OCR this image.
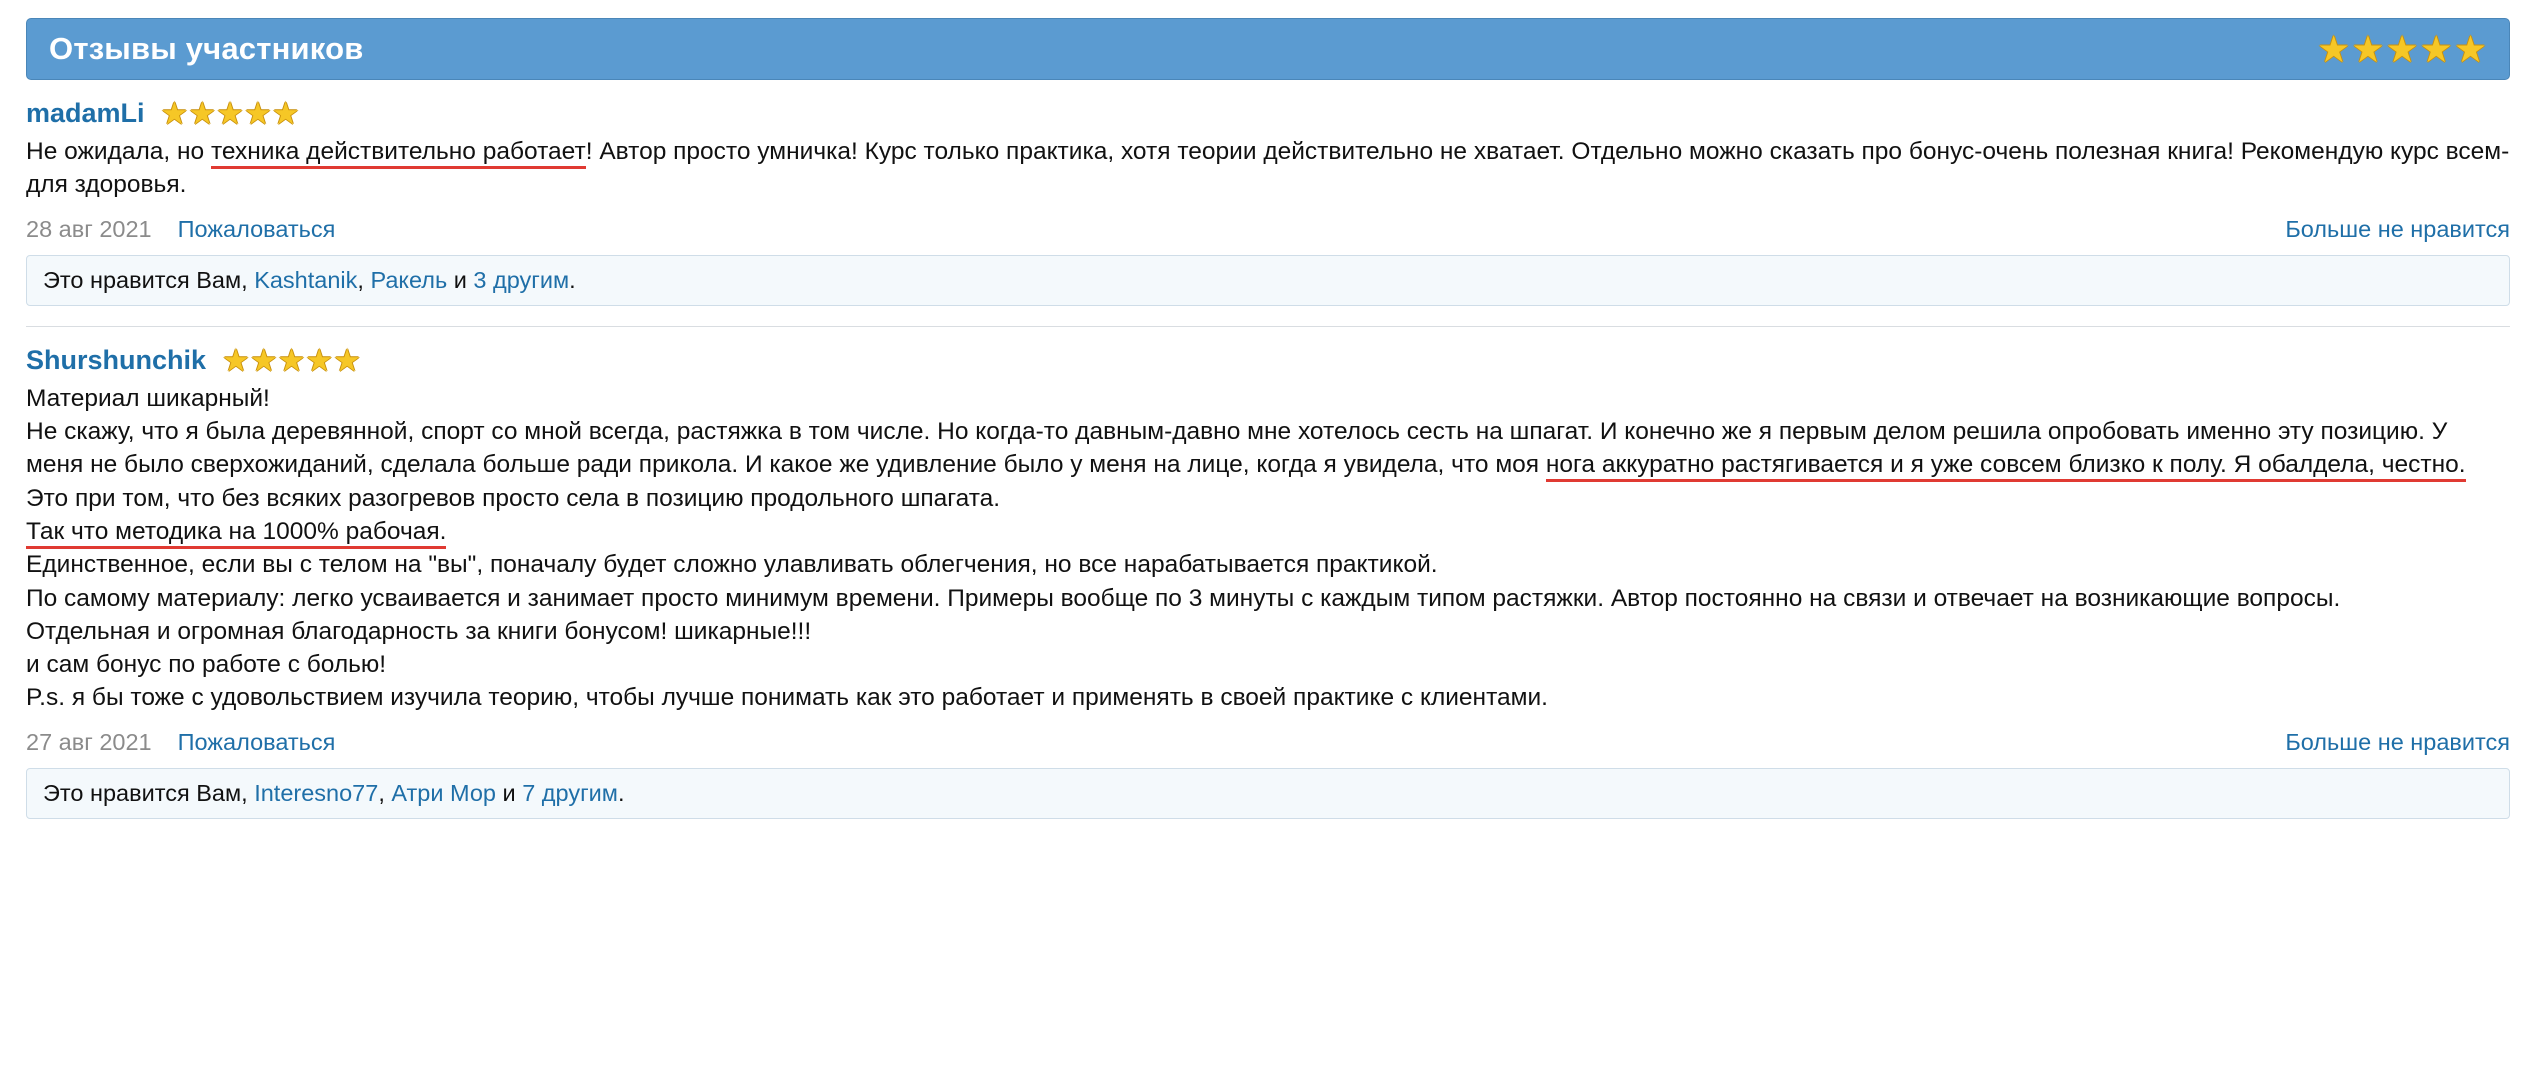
Отзывы участников	★ ★ ★ ★ ★
madamLi ★ ★ ★ ★ ★

Не ожидала, но техника действительно работает! Автор просто умничка! Курс только практика, хотя теории действительно не хватает. Отдельно можно сказать про бонус-очень полезная книга! Рекомендую курс всем-для здоровья.

28 авг 2021 Пожаловаться	Больше не нравится
Это нравится Вам, Kashtanik, Ракель и 3 другим.
Shurshunchik ★ ★ ★ ★ ★

Материал шикарный!

Не скажу, что я была деревянной, спорт со мной всегда, растяжка в том числе. Но когда-то давным-давно мне хотелось сесть на шпагат. И конечно же я первым делом решила опробовать именно эту позицию. У меня не было сверхожиданий, сделала больше ради прикола. И какое же удивление было у меня на лице, когда я увидела, что моя нога аккуратно растягивается и я уже совсем близко к полу. Я обалдела, честно.

Это при том, что без всяких разогревов просто села в позицию продольного шпагата.

Так что методика на 1000% рабочая.

Единственное, если вы с телом на "вы", поначалу будет сложно улавливать облегчения, но все нарабатывается практикой.

По самому материалу: легко усваивается и занимает просто минимум времени. Примеры вообще по 3 минуты с каждым типом растяжки. Автор постоянно на связи и отвечает на возникающие вопросы.

Отдельная и огромная благодарность за книги бонусом! шикарные!!!

и сам бонус по работе с болью!

P.s. я бы тоже с удовольствием изучила теорию, чтобы лучше понимать как это работает и применять в своей практике с клиентами.

27 авг 2021 Пожаловаться	Больше не нравится
Это нравится Вам, Interesno77, Атри Мор и 7 другим.
